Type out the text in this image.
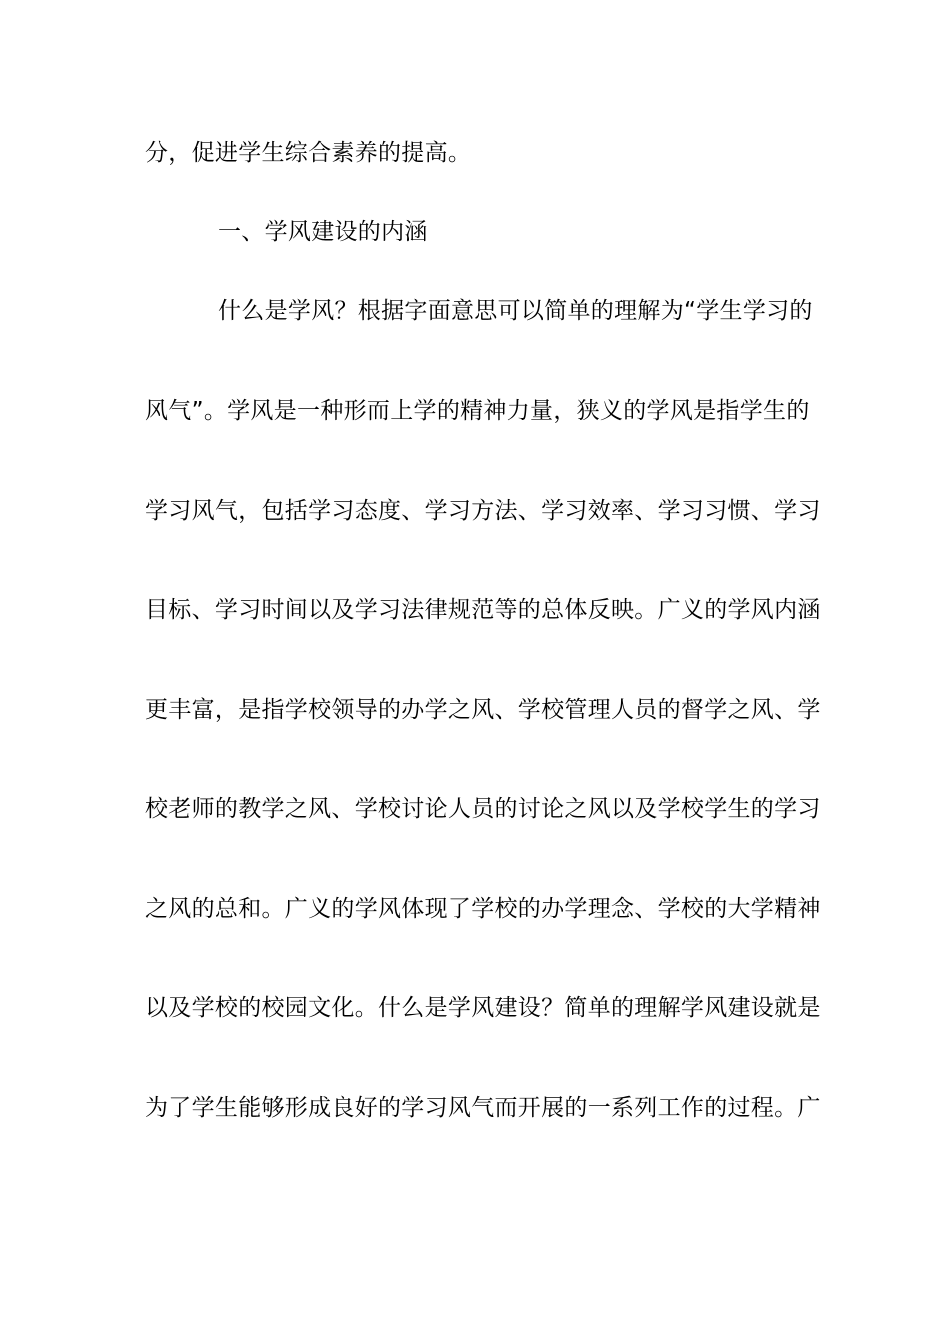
分，促进学生综合素养的提高。
一、学风建设的内涵
什么是学风？根据字面意思可以简单的理解为“学生学习的
风气”。学风是一种形而上学的精神力量，狭义的学风是指学生的
学习风气，包括学习态度、学习方法、学习效率、学习习惯、学习
目标、学习时间以及学习法律规范等的总体反映。广义的学风内涵
更丰富，是指学校领导的办学之风、学校管理人员的督学之风、学
校老师的教学之风、学校讨论人员的讨论之风以及学校学生的学习
之风的总和。广义的学风体现了学校的办学理念、学校的大学精神
以及学校的校园文化。什么是学风建设？简单的理解学风建设就是
为了学生能够形成良好的学习风气而开展的一系列工作的过程。广
